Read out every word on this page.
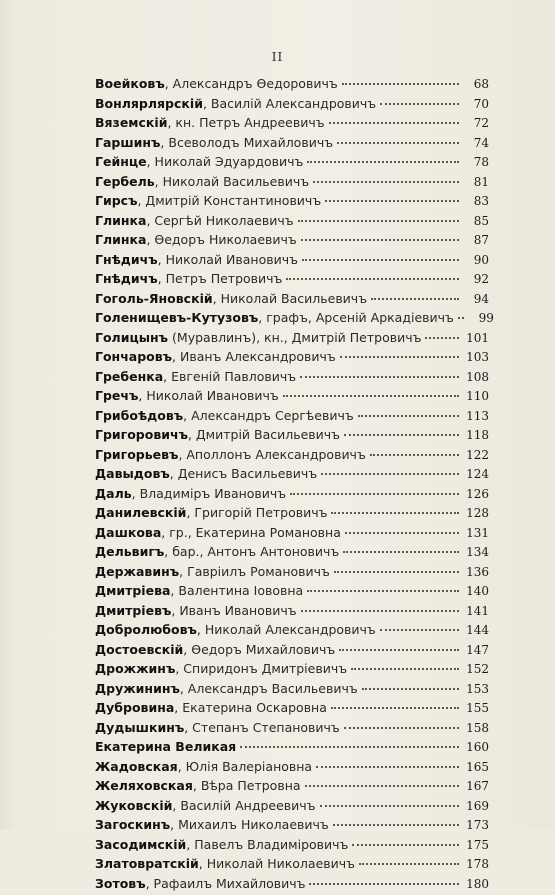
II
Воейковъ, Александръ Ѳедоровичъ	68
Вонлярлярскій, Василій Александровичъ	70
Вяземскій, кн. Петръ Андреевичъ	72
Гаршинъ, Всеволодъ Михайловичъ	74
Гейнце, Николай Эдуардовичъ	78
Гербель, Николай Васильевичъ	81
Гирсъ, Дмитрій Константиновичъ	83
Глинка, Сергѣй Николаевичъ	85
Глинка, Ѳедоръ Николаевичъ	87
Гнѣдичъ, Николай Ивановичъ	90
Гнѣдичъ, Петръ Петровичъ	92
Гоголь-Яновскій, Николай Васильевичъ	94
Голенищевъ-Кутузовъ, графъ, Арсеній Аркадіевичъ	99
Голицынъ (Муравлинъ), кн., Дмитрій Петровичъ	101
Гончаровъ, Иванъ Александровичъ	103
Гребенка, Евгеній Павловичъ	108
Гречъ, Николай Ивановичъ	110
Грибоѣдовъ, Александръ Сергѣевичъ	113
Григоровичъ, Дмитрій Васильевичъ	118
Григорьевъ, Аполлонъ Александровичъ	122
Давыдовъ, Денисъ Васильевичъ	124
Даль, Владиміръ Ивановичъ	126
Данилевскій, Григорій Петровичъ	128
Дашкова, гр., Екатерина Романовна	131
Дельвигъ, бар., Антонъ Антоновичъ	134
Державинъ, Гавріилъ Романовичъ	136
Дмитріева, Валентина Іововна	140
Дмитріевъ, Иванъ Ивановичъ	141
Добролюбовъ, Николай Александровичъ	144
Достоевскій, Ѳедоръ Михайловичъ	147
Дрожжинъ, Спиридонъ Дмитріевичъ	152
Дружининъ, Александръ Васильевичъ	153
Дубровина, Екатерина Оскаровна	155
Дудышкинъ, Степанъ Степановичъ	158
Екатерина Великая	160
Жадовская, Юлія Валеріановна	165
Желяховская, Вѣра Петровна	167
Жуковскій, Василій Андреевичъ	169
Загоскинъ, Михаилъ Николаевичъ	173
Засодимскій, Павелъ Владиміровичъ	175
Златовратскій, Николай Николаевичъ	178
Зотовъ, Рафаилъ Михайловичъ	180
